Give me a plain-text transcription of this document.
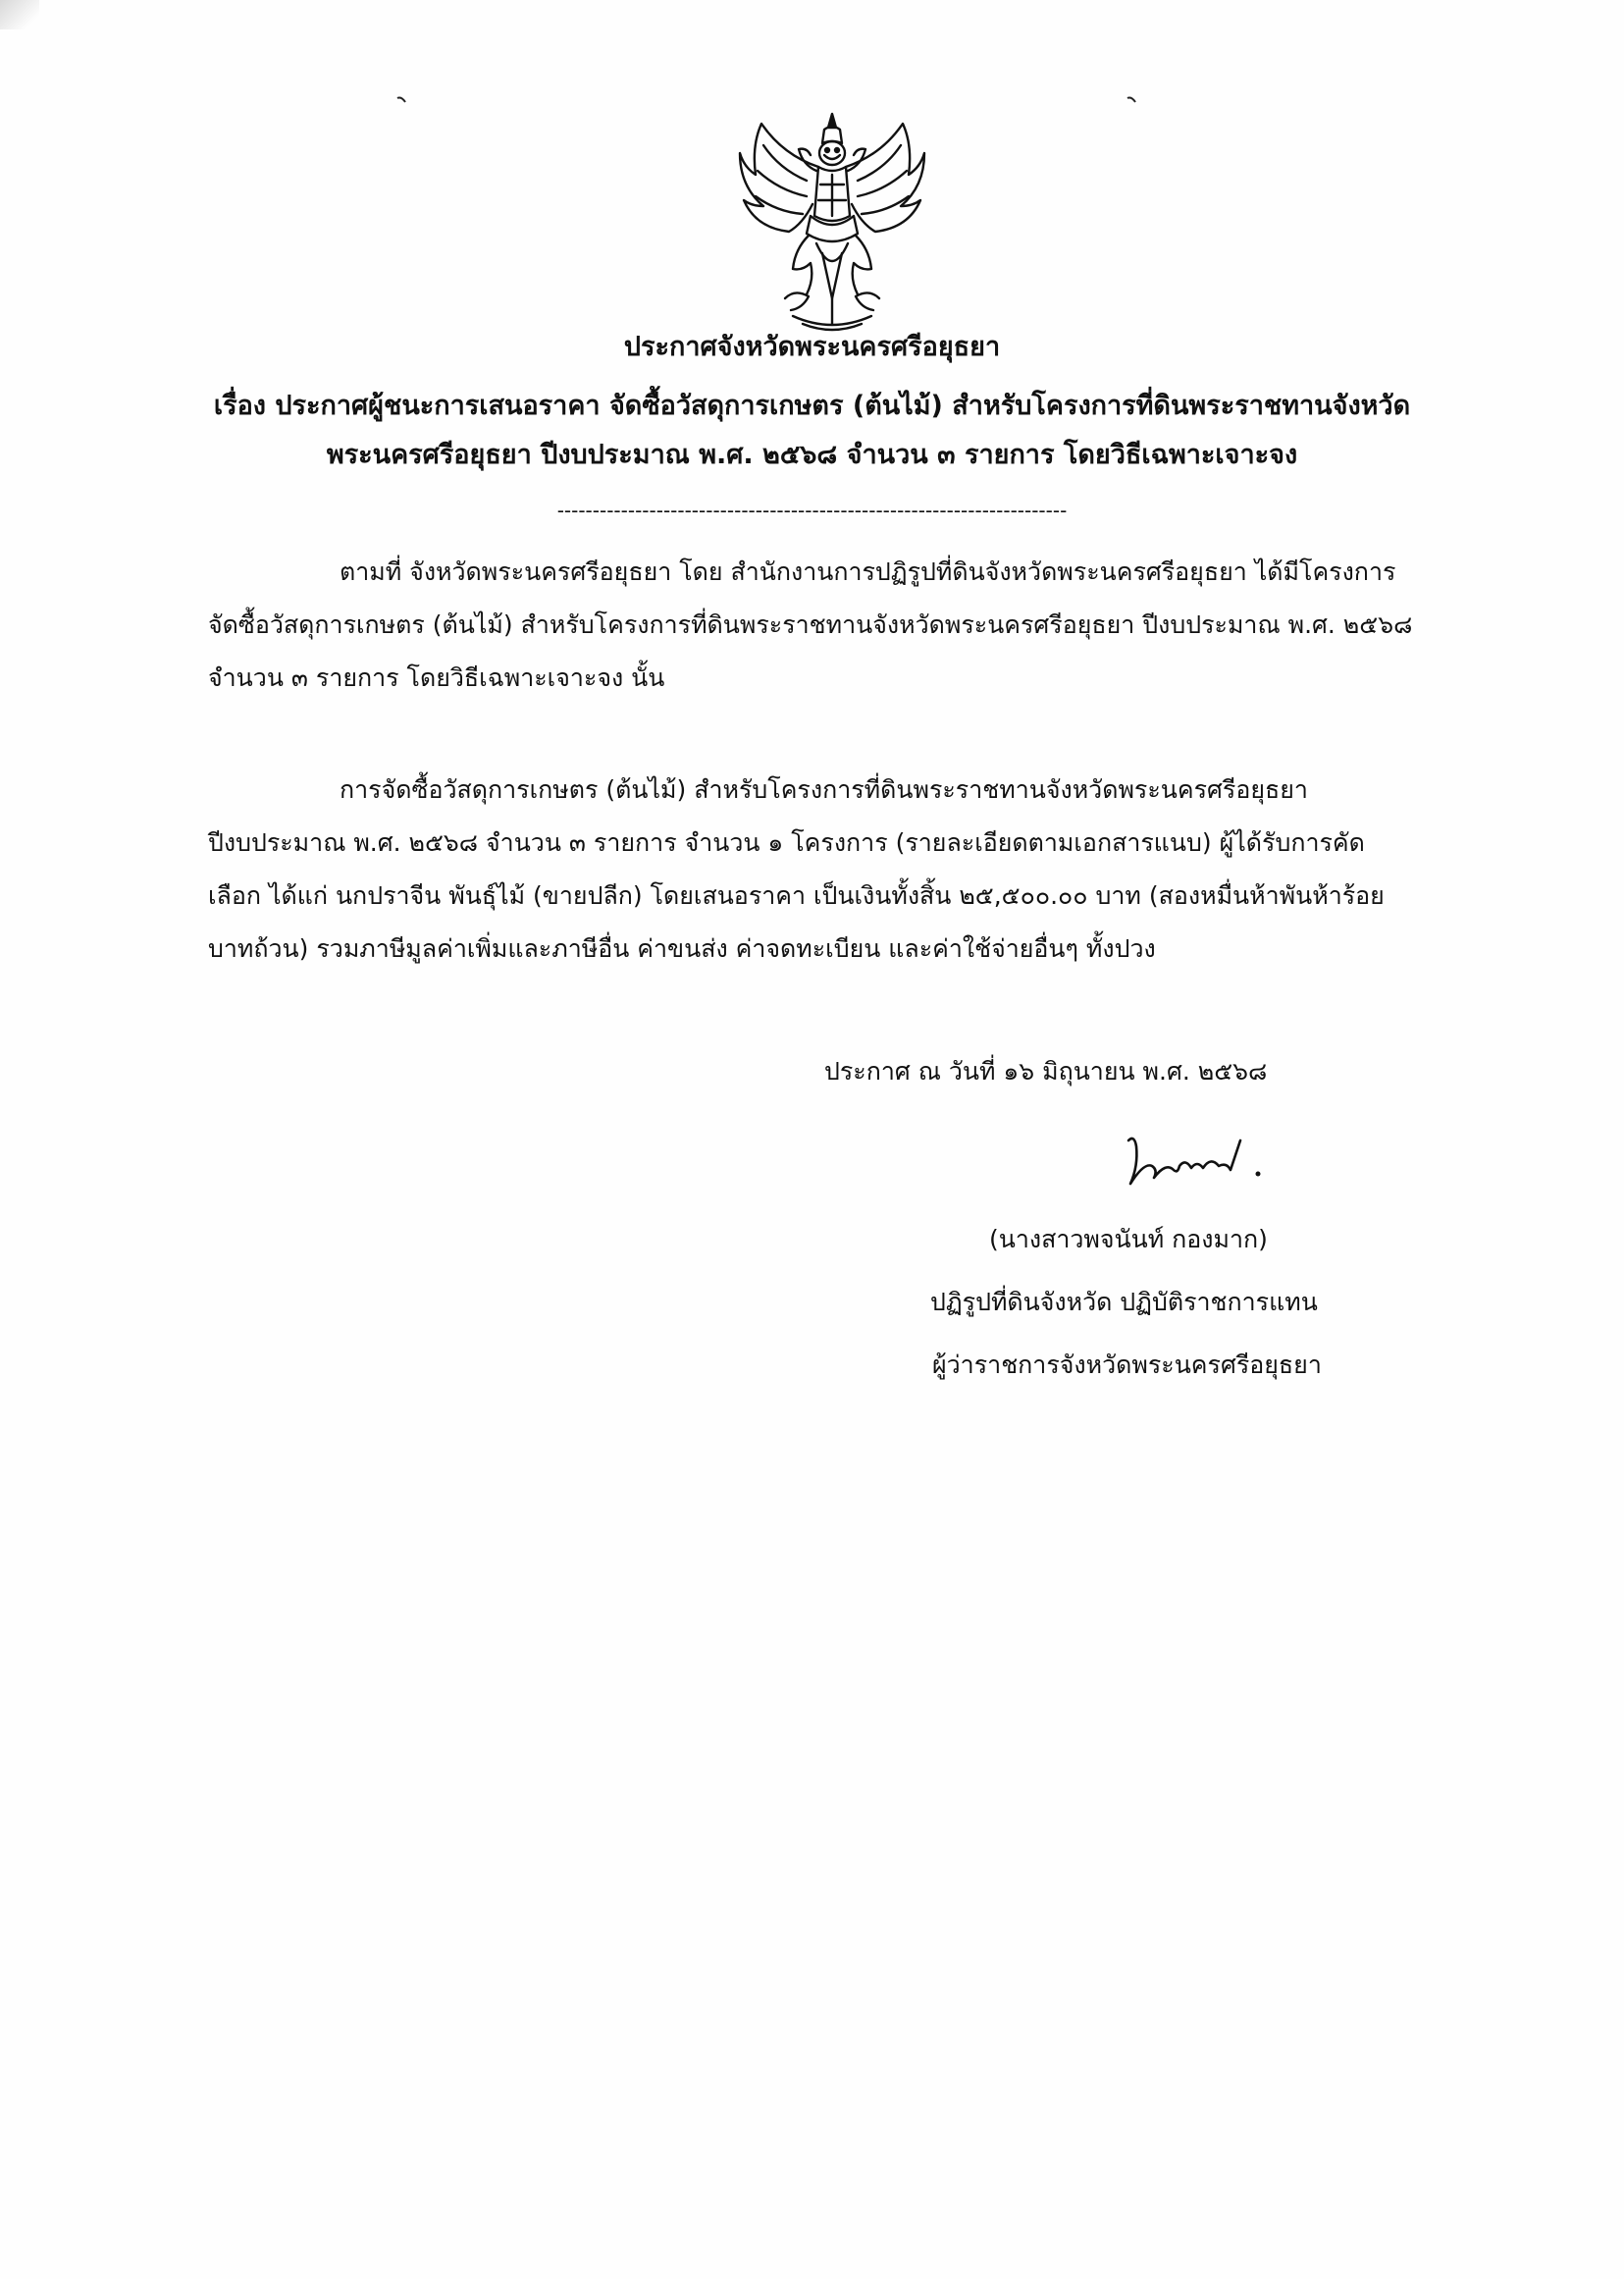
ประกาศจังหวัดพระนครศรีอยุธยา
เรื่อง ประกาศผู้ชนะการเสนอราคา จัดซื้อวัสดุการเกษตร (ต้นไม้) สำหรับโครงการที่ดินพระราชทานจังหวัด
พระนครศรีอยุธยา ปีงบประมาณ พ.ศ. ๒๕๖๘ จำนวน ๓ รายการ โดยวิธีเฉพาะเจาะจง
------------------------------------------------------------------------
ตามที่ จังหวัดพระนครศรีอยุธยา โดย สำนักงานการปฏิรูปที่ดินจังหวัดพระนครศรีอยุธยา ได้มีโครงการ
จัดซื้อวัสดุการเกษตร (ต้นไม้) สำหรับโครงการที่ดินพระราชทานจังหวัดพระนครศรีอยุธยา ปีงบประมาณ พ.ศ. ๒๕๖๘
จำนวน ๓ รายการ โดยวิธีเฉพาะเจาะจง นั้น
การจัดซื้อวัสดุการเกษตร (ต้นไม้) สำหรับโครงการที่ดินพระราชทานจังหวัดพระนครศรีอยุธยา
ปีงบประมาณ พ.ศ. ๒๕๖๘ จำนวน ๓ รายการ จำนวน ๑ โครงการ (รายละเอียดตามเอกสารแนบ) ผู้ได้รับการคัด
เลือก ได้แก่ นกปราจีน พันธุ์ไม้ (ขายปลีก) โดยเสนอราคา เป็นเงินทั้งสิ้น ๒๕,๕๐๐.๐๐ บาท (สองหมื่นห้าพันห้าร้อย
บาทถ้วน) รวมภาษีมูลค่าเพิ่มและภาษีอื่น ค่าขนส่ง ค่าจดทะเบียน และค่าใช้จ่ายอื่นๆ ทั้งปวง
ประกาศ ณ วันที่ ๑๖ มิถุนายน พ.ศ. ๒๕๖๘
(นางสาวพจนันท์ กองมาก)
ปฏิรูปที่ดินจังหวัด ปฏิบัติราชการแทน
ผู้ว่าราชการจังหวัดพระนครศรีอยุธยา
